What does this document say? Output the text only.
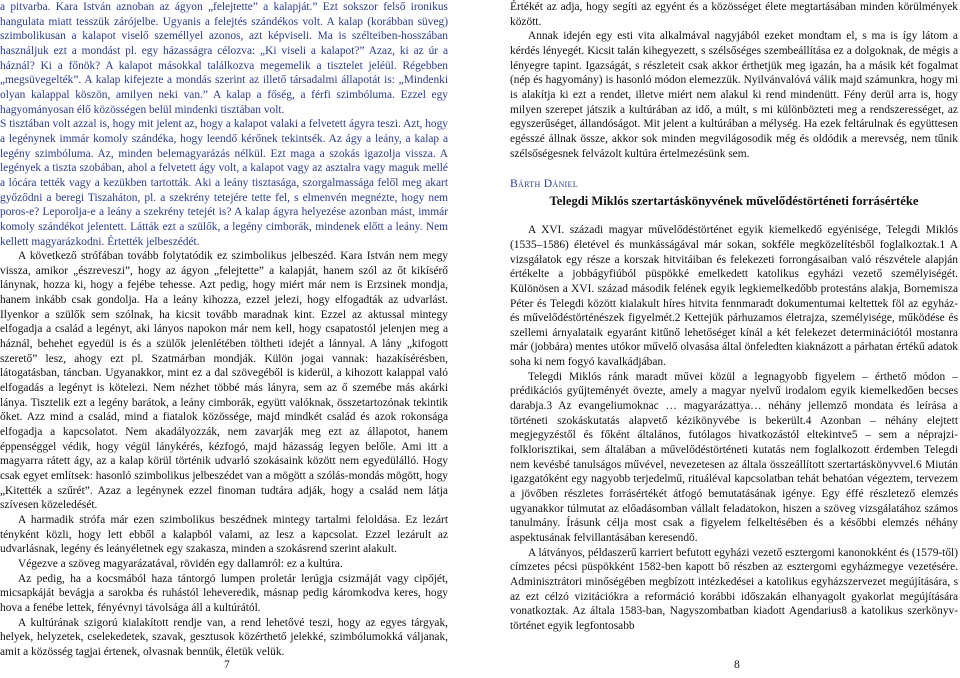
a pitvarba. Kara István aznoban az ágyon „felejtette” a kalapját.” Ezt sokszor felső ironikus hangulata miatt tesszük zárójelbe. Ugyanis a felejtés szándékos volt. A kalap (korábban süveg) szimbolikusan a kalapot viselő személlyel azonos, azt képviseli. Ma is szélteiben-hosszában használjuk ezt a mondást pl. egy házasságra célozva: „Ki viseli a kalapot?” Azaz, ki az úr a háznál? Ki a főnök? A kalapot másokkal találkozva megemelik a tisztelet jeléül. Régebben „megsüvegelték”. A kalap kifejezte a mondás szerint az illető társadalmi állapotát is: „Mindenki olyan kalappal köszön, amilyen neki van.” A kalap a főség, a férfi szimbóluma. Ezzel egy hagyományosan élő közösségen belül mindenki tisztában volt.

S tisztában volt azzal is, hogy mit jelent az, hogy a kalapot valaki a felvetett ágyra teszi. Azt, hogy a legénynek immár komoly szándéka, hogy leendő kérőnek tekintsék. Az ágy a leány, a kalap a legény szimbóluma. Az, minden belemagyarázás nélkül. Ezt maga a szokás igazolja vissza. A legények a tiszta szobában, ahol a felvetett ágy volt, a kalapot vagy az asztalra vagy maguk mellé a lócára tették vagy a kezükben tartották. Aki a leány tisztasága, szorgalmassága felől meg akart győződni a beregi Tiszaháton, pl. a szekrény tetejére tette fel, s elmenvén megnézte, hogy nem poros-e? Leporolja-e a leány a szekrény tetejét is? A kalap ágyra helyezése azonban mást, immár komoly szándékot jelentett. Látták ezt a szülők, a legény cimborák, mindenek előtt a leány. Nem kellett magyarázkodni. Értették jelbeszédét.

A következő strófában tovább folytatódik ez szimbolikus jelbeszéd. Kara István nem megy vissza, amikor „észreveszi”, hogy az ágyon „felejtette” a kalapját, hanem szól az őt kikísérő lánynak, hozza ki, hogy a fejébe tehesse. Azt pedig, hogy miért már nem is Erzsinek mondja, hanem inkább csak gondolja. Ha a leány kihozza, ezzel jelezi, hogy elfogadták az udvarlást. Ilyenkor a szülők sem szólnak, ha kicsit tovább maradnak kint. Ezzel az aktussal mintegy elfogadja a család a legényt, aki lányos napokon már nem kell, hogy csapatostól jelenjen meg a háznál, behehet egyedül is és a szülők jelenlétében töltheti idejét a lánnyal. A lány „kifogott szerető” lesz, ahogy ezt pl. Szatmárban mondják. Külön jogai vannak: hazakísérésben, látogatásban, táncban. Ugyanakkor, mint ez a dal szövegéből is kiderül, a kihozott kalappal való elfogadás a legényt is kötelezi. Nem nézhet többé más lányra, sem az ő szemébe más akárki lánya. Tisztelik ezt a legény barátok, a leány cimborák, együtt valóknak, összetartozónak tekintik őket. Azz mind a család, mind a fiatalok közössége, majd mindkét család és azok rokonsága elfogadja a kapcsolatot. Nem akadályozzák, nem zavarják meg ezt az állapotot, hanem éppenséggel védik, hogy végül lánykérés, kézfogó, majd házasság legyen belőle. Ami itt a magyarra rátett ágy, az a kalap körül történik udvarló szokásaink között nem egyedülálló. Hogy csak egyet említsek: hasonló szimbolikus jelbeszédet van a mögött a szólás-mondás mögött, hogy „Kitették a szűrét”. Azaz a legénynek ezzel finoman tudtára adják, hogy a család nem látja szívesen közeledését.

A harmadik strófa már ezen szimbolikus beszédnek mintegy tartalmi feloldása. Ez lezárt tényként közli, hogy lett ebből a kalapból valami, az lesz a kapcsolat. Ezzel lezárult az udvarlásnak, legény és leányéletnek egy szakasza, minden a szokásrend szerint alakult.

Végezve a szöveg magyarázatával, rövidén egy dallamról: ez a kultúra.

Az pedig, ha a kocsmából haza tántorgó lumpen proletár lerúgja csizmáját vagy cipőjét, micsapkáját bevágja a sarokba és ruhástól leheveredik, másnap pedig káromkodva keres, hogy hova a fenébe lettek, fényévnyi távolsága áll a kultúrától.

A kultúrának szigorú kialakított rendje van, a rend lehetővé teszi, hogy az egyes tárgyak, helyek, helyzetek, cselekedetek, szavak, gesztusok közérthető jelekké, szimbólumokká váljanak, amit a közösség tagjai értenek, olvasnak bennük, életük velük.

7

Értékét az adja, hogy segíti az egyént és a közösséget élete megtartásában minden körülmények között.

Annak idején egy esti vita alkalmával nagyjából ezeket mondtam el, s ma is így látom a kérdés lényegét. Kicsit talán kihegyezett, s szélsőséges szembeállítása ez a dolgoknak, de mégis a lényegre tapint. Igazságát, s részleteit csak akkor érthetjük meg igazán, ha a másik két fogalmat (nép és hagyomány) is hasonló módon elemezzük. Nyilvánvalóvá válik majd számunkra, hogy mi is alakítja ki ezt a rendet, illetve miért nem alakul ki rend mindenütt. Fény derül arra is, hogy milyen szerepet játszik a kultúrában az idő, a múlt, s mi különbözteti meg a rendszerességet, az egyszerűséget, állandóságot. Mit jelent a kultúrában a mélység. Ha ezek feltárulnak és együttesen egésszé állnak össze, akkor sok minden megvilágosodik még és oldódik a merevség, nem tűnik szélsőségesnek felvázolt kultúra értelmezésünk sem.

Bárth Dániel
Telegdi Miklós szertartáskönyvének művelődéstörténeti forrásértéke

A XVI. századi magyar művelődéstörténet egyik kiemelkedő egyénisége, Telegdi Miklós (1535–1586) életével és munkásságával már sokan, sokféle megközelítésből foglalkoztak.1 A vizsgálatok egy része a korszak hitvitáiban és felekezeti forrongásaiban való részvétele alapján értékelte a jobbágyfiúból püspökké emelkedett katolikus egyházi vezető személyiségét. Különösen a XVI. század második felének egyik legkiemelkedőbb protestáns alakja, Bornemisza Péter és Telegdi között kialakult híres hitvita fennmaradt dokumentumai keltettek föl az egyház- és művelődéstörténészek figyelmét.2 Kettejük párhuzamos életrajza, személyisége, működése és szellemi árnyalataik egyaránt kitűnő lehetőséget kínál a két felekezet determinációtól mostanra már (jobbára) mentes utókor művelő olvasása által önfeledten kiaknázott a párhatan értékű adatok soha ki nem fogyó kavalkádjában.

Telegdi Miklós ránk maradt művei közül a legnagyobb figyelem – érthető módon – prédikációs gyűjteményét övezte, amely a magyar nyelvű irodalom egyik kiemelkedően becses darabja.3 Az evangeliumoknac … magyarázattya… néhány jellemző mondata és leírása a történeti szokáskutatás alapvető kézikönyvébe is bekerült.4 Azonban – néhány elejtett megjegyzéstől és főként általános, futólagos hivatkozástól eltekintve5 – sem a néprajzi-folklorisztikai, sem általában a művelődéstörténeti kutatás nem foglalkozott érdemben Telegdi nem kevésbé tanulságos művével, nevezetesen az általa összeállított szertartáskönyvvel.6 Miután igazgatóként egy nagyobb terjedelmű, rituáléval kapcsolatban tehát behatóan végeztem, tervezem a jövőben részletes forrásértékét átfogó bemutatásának igénye. Egy éffé részletező elemzés ugyanakkor túlmutat az előadásomban vállalt feladatokon, hiszen a szöveg vizsgálatához számos tanulmány. Írásunk célja most csak a figyelem felkeltésében és a későbbi elemzés néhány aspektusának felvillantásában keresendő.

A látványos, példaszerű karriert befutott egyházi vezető esztergomi kanonokként és (1579-től) címzetes pécsi püspökként 1582-ben kapott bő részben az esztergomi egyházmegye vezetésére. Adminisztrátori minőségében megbízott intézkedései a katolikus egyházszervezet megújítására, s az ezt célzó vizitációkra a reformáció korábbi időszakán elhanyagolt gyakorlat megújítására vonatkoztak. Az általa 1583-ban, Nagyszombatban kiadott Agendarius8 a katolikus szerkönyv-történet egyik legfontosabb

8
